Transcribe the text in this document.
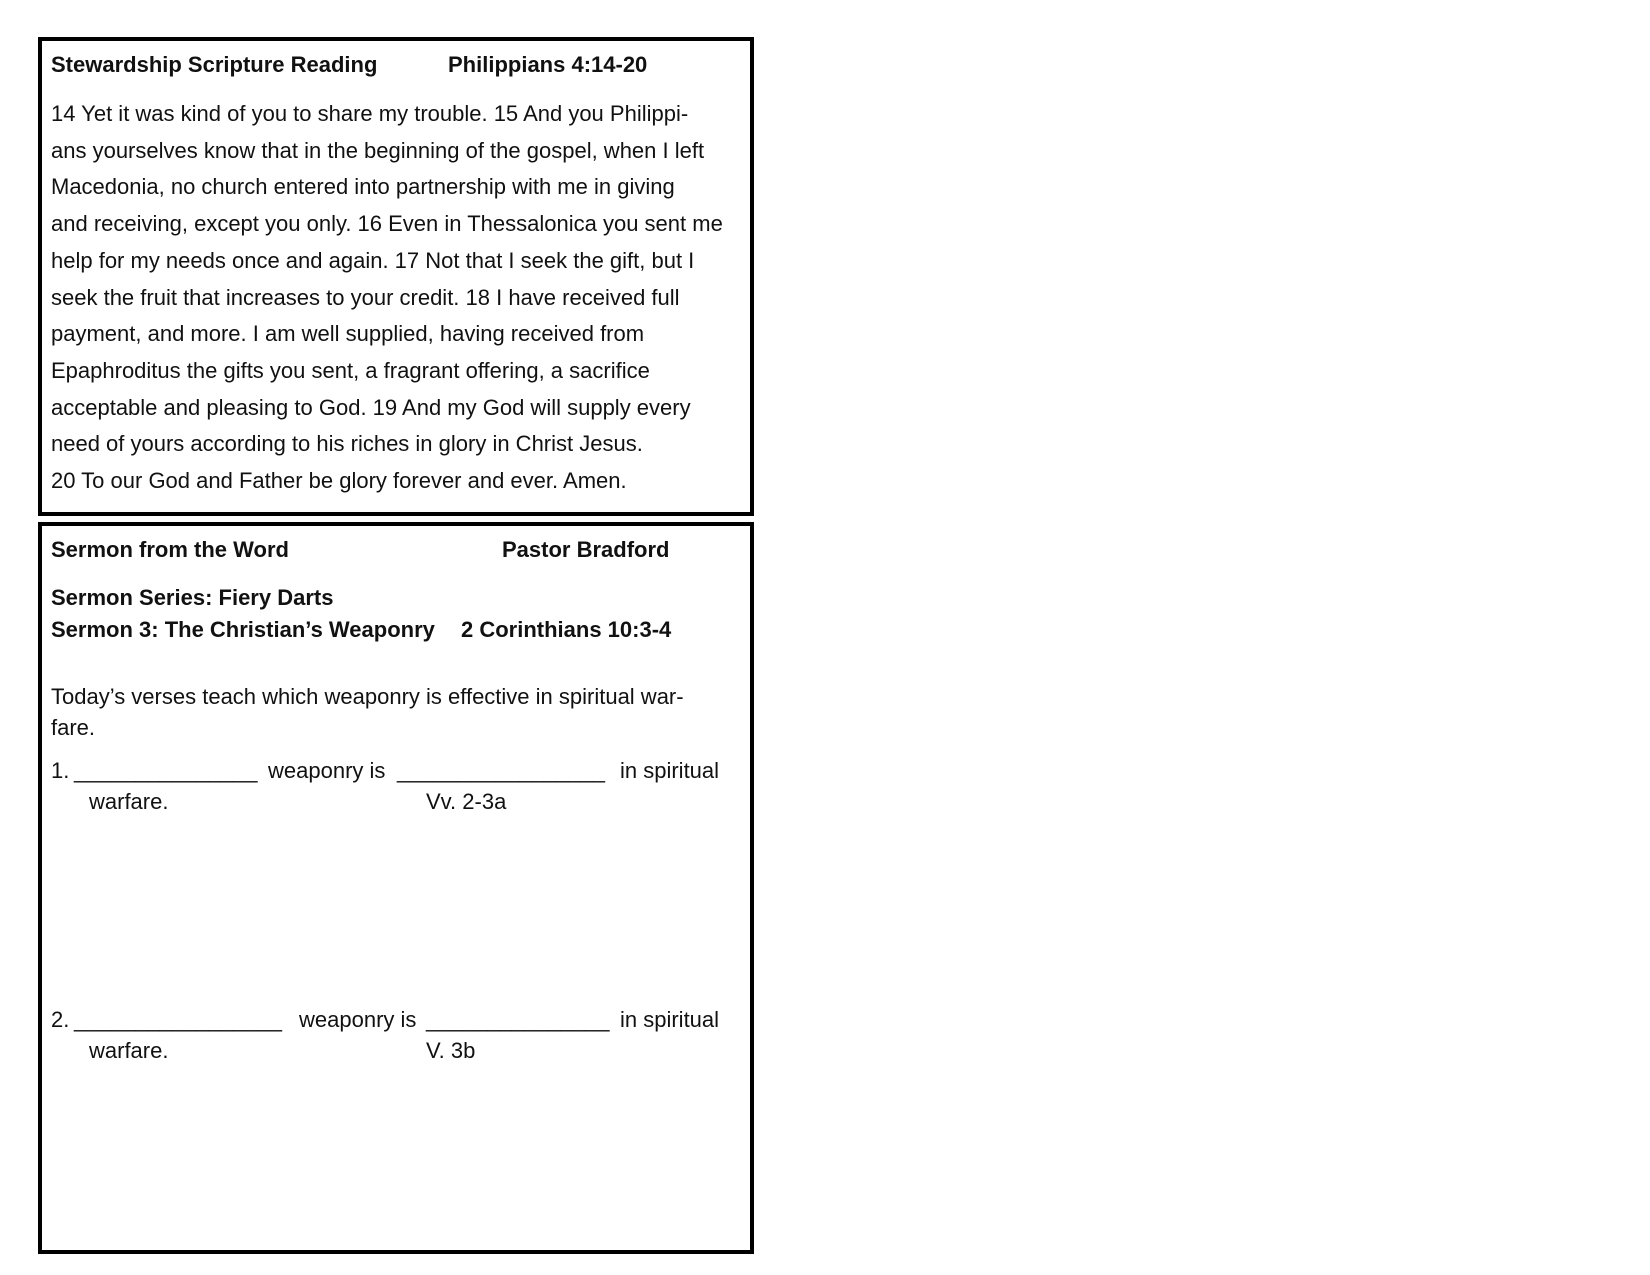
Stewardship Scripture Reading	Philippians 4:14-20
14 Yet it was kind of you to share my trouble. 15 And you Philippi-
ans yourselves know that in the beginning of the gospel, when I left
Macedonia, no church entered into partnership with me in giving
and receiving, except you only. 16 Even in Thessalonica you sent me
help for my needs once and again. 17 Not that I seek the gift, but I
seek the fruit that increases to your credit. 18 I have received full
payment, and more. I am well supplied, having received from
Epaphroditus the gifts you sent, a fragrant offering, a sacrifice
acceptable and pleasing to God. 19 And my God will supply every
need of yours according to his riches in glory in Christ Jesus.
20 To our God and Father be glory forever and ever. Amen.
Sermon from the Word	Pastor Bradford
Sermon Series: Fiery Darts
Sermon 3: The Christian’s Weaponry 2 Corinthians 10:3-4
Today’s verses teach which weaponry is effective in spiritual war-
fare.
1. _______________ weaponry is _________________ in spiritual
warfare.	Vv. 2-3a
2. _________________ weaponry is _______________ in spiritual
warfare.	V. 3b
